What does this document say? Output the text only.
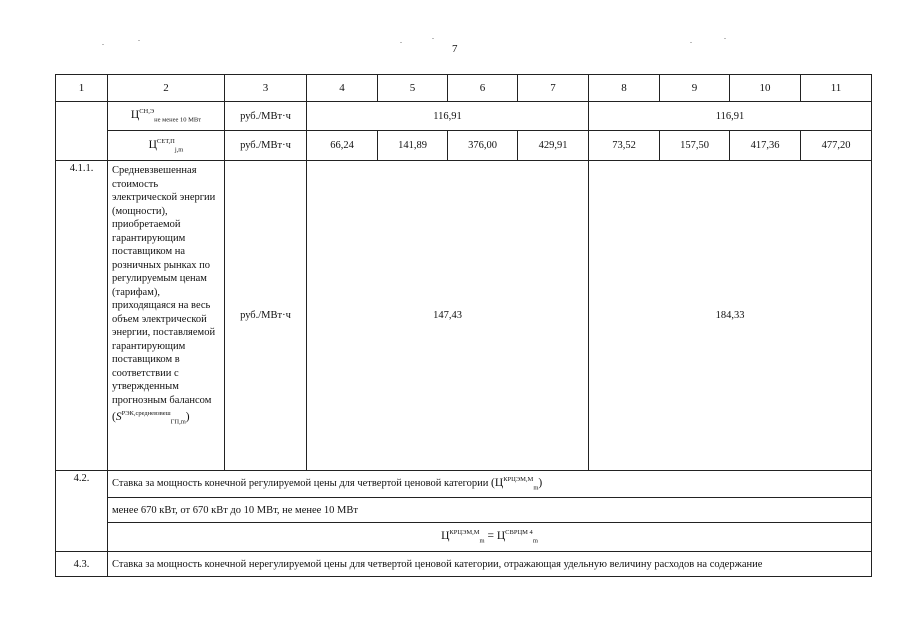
7
1	2	3	4	5	6	7	8	9	10	11
	$Ц^{СН,Э}_{не менее 10 МВт}$	руб./МВт·ч	116,91				116,91			
	$Ц^{СЕТ,П}_{j,m}$	руб./МВт·ч	66,24	141,89	376,00	429,91	73,52	157,50	417,36	477,20
4.1.1.	Средневзвешенная стоимость электрической энергии (мощности), приобретаемой гарантирующим поставщиком на розничных рынках по регулируемым ценам (тарифам), приходящаяся на весь объем электрической энергии, поставляемой гарантирующим поставщиком в соответствии с утвержденным прогнозным балансом $(S^{РЭК,средневзвеш}_{ГП,m})$	руб./МВт·ч	147,43				184,33			
4.2.	Ставка за мощность конечной регулируемой цены для четвертой ценовой категории $(Ц^{КРЦЭМ,М}_m)$									
	менее 670 кВт, от 670 кВт до 10 МВт, не менее 10 МВт									
	$Ц^{КРЦЭМ,М}_m = Ц^{СВРЦМ 4}_m$
4.3.	Ставка за мощность конечной нерегулируемой цены для четвертой ценовой категории, отражающая удельную величину расходов на содержание									
